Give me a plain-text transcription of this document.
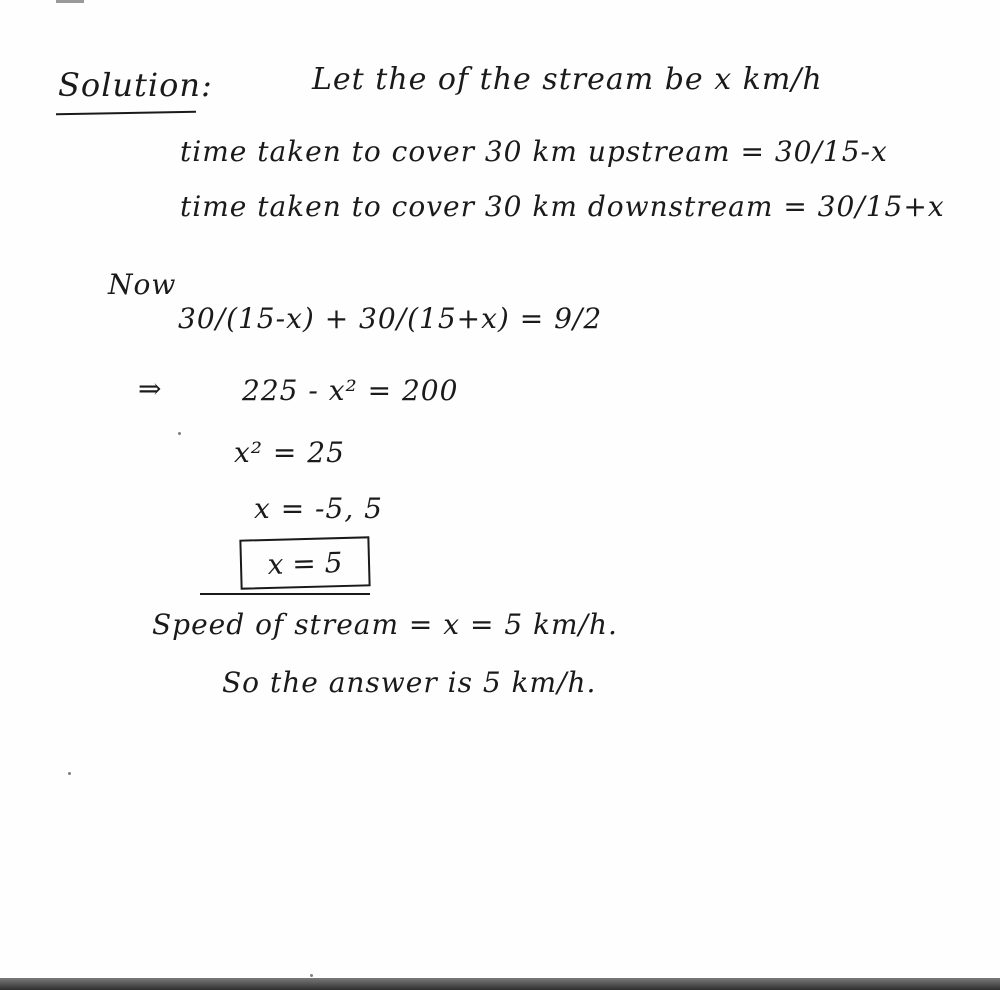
Solution:	Let the of the stream be x km/h
time taken to cover 30 km upstream = 30/15-x
time taken to cover 30 km downstream = 30/15+x
Now
30/(15-x) + 30/(15+x) = 9/2
⇒	225 - x² = 200
x² = 25
x = -5, 5
x = 5
Speed of stream = x = 5 km/h.
So the answer is 5 km/h.
